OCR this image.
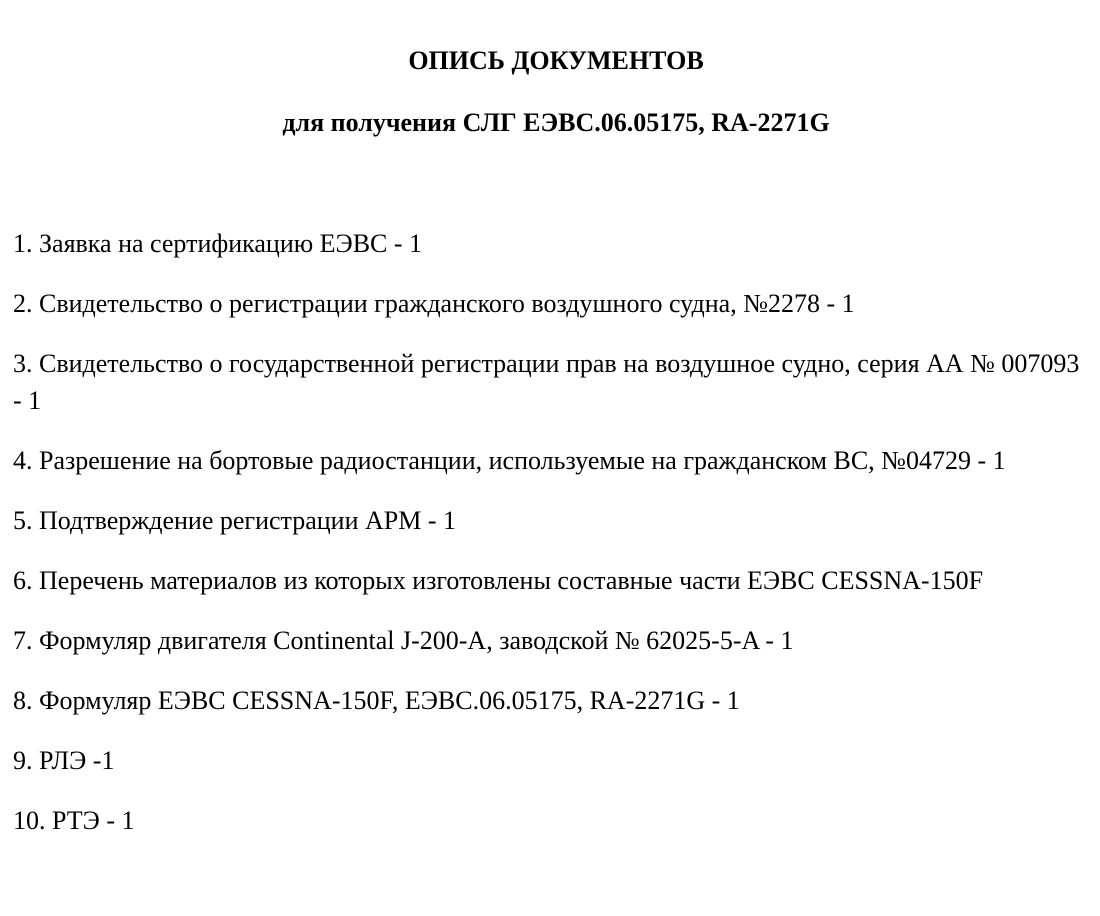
ОПИСЬ ДОКУМЕНТОВ
для получения СЛГ ЕЭВС.06.05175, RA-2271G
1. Заявка на сертификацию ЕЭВС - 1
2. Свидетельство о регистрации гражданского воздушного судна, №2278 - 1
3. Свидетельство о государственной регистрации прав на воздушное судно, серия АА № 007093 - 1
4. Разрешение на бортовые радиостанции, используемые на гражданском ВС, №04729 - 1
5. Подтверждение регистрации АРМ - 1
6. Перечень материалов из которых изготовлены составные части ЕЭВС CESSNA-150F
7. Формуляр двигателя Continental J-200-A, заводской № 62025-5-A - 1
8. Формуляр ЕЭВС CESSNA-150F, ЕЭВС.06.05175, RA-2271G - 1
9. РЛЭ -1
10. РТЭ - 1
